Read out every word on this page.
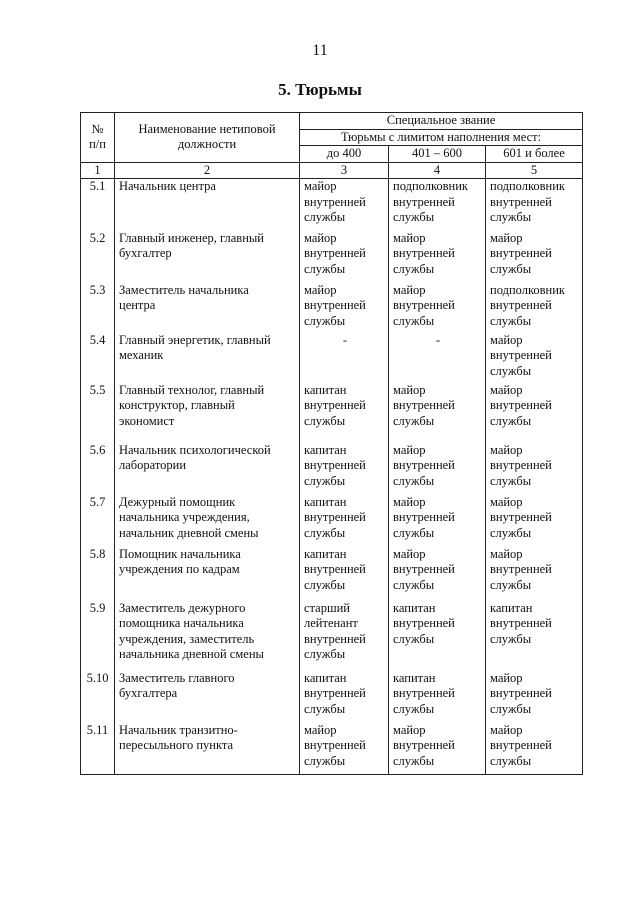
11
5. Тюрьмы
№
п/п	Наименование нетиповой
должности	Специальное звание		
		Тюрьмы с лимитом наполнения мест:		
		до 400	401 – 600	601 и более
1	2	3	4	5
5.1	Начальник центра	майор
внутренней
службы	подполковник
внутренней
службы	подполковник
внутренней
службы

5.2	Главный инженер, главный
бухгалтер	майор
внутренней
службы	майор
внутренней
службы	майор
внутренней
службы

5.3	Заместитель начальника
центра	майор
внутренней
службы	майор
внутренней
службы	подполковник
внутренней
службы

5.4	Главный энергетик, главный
механик	-	-	майор
внутренней
службы

5.5	Главный технолог, главный
конструктор, главный
экономист	капитан
внутренней
службы	майор
внутренней
службы	майор
внутренней
службы

5.6	Начальник психологической
лаборатории	капитан
внутренней
службы	майор
внутренней
службы	майор
внутренней
службы

5.7	Дежурный помощник
начальника учреждения,
начальник дневной смены	капитан
внутренней
службы	майор
внутренней
службы	майор
внутренней
службы

5.8	Помощник начальника
учреждения по кадрам	капитан
внутренней
службы	майор
внутренней
службы	майор
внутренней
службы

5.9	Заместитель дежурного
помощника начальника
учреждения, заместитель
начальника дневной смены	старший
лейтенант
внутренней
службы	капитан
внутренней
службы	капитан
внутренней
службы

5.10	Заместитель главного
бухгалтера	капитан
внутренней
службы	капитан
внутренней
службы	майор
внутренней
службы

5.11	Начальник транзитно-
пересыльного пункта	майор
внутренней
службы	майор
внутренней
службы	майор
внутренней
службы
